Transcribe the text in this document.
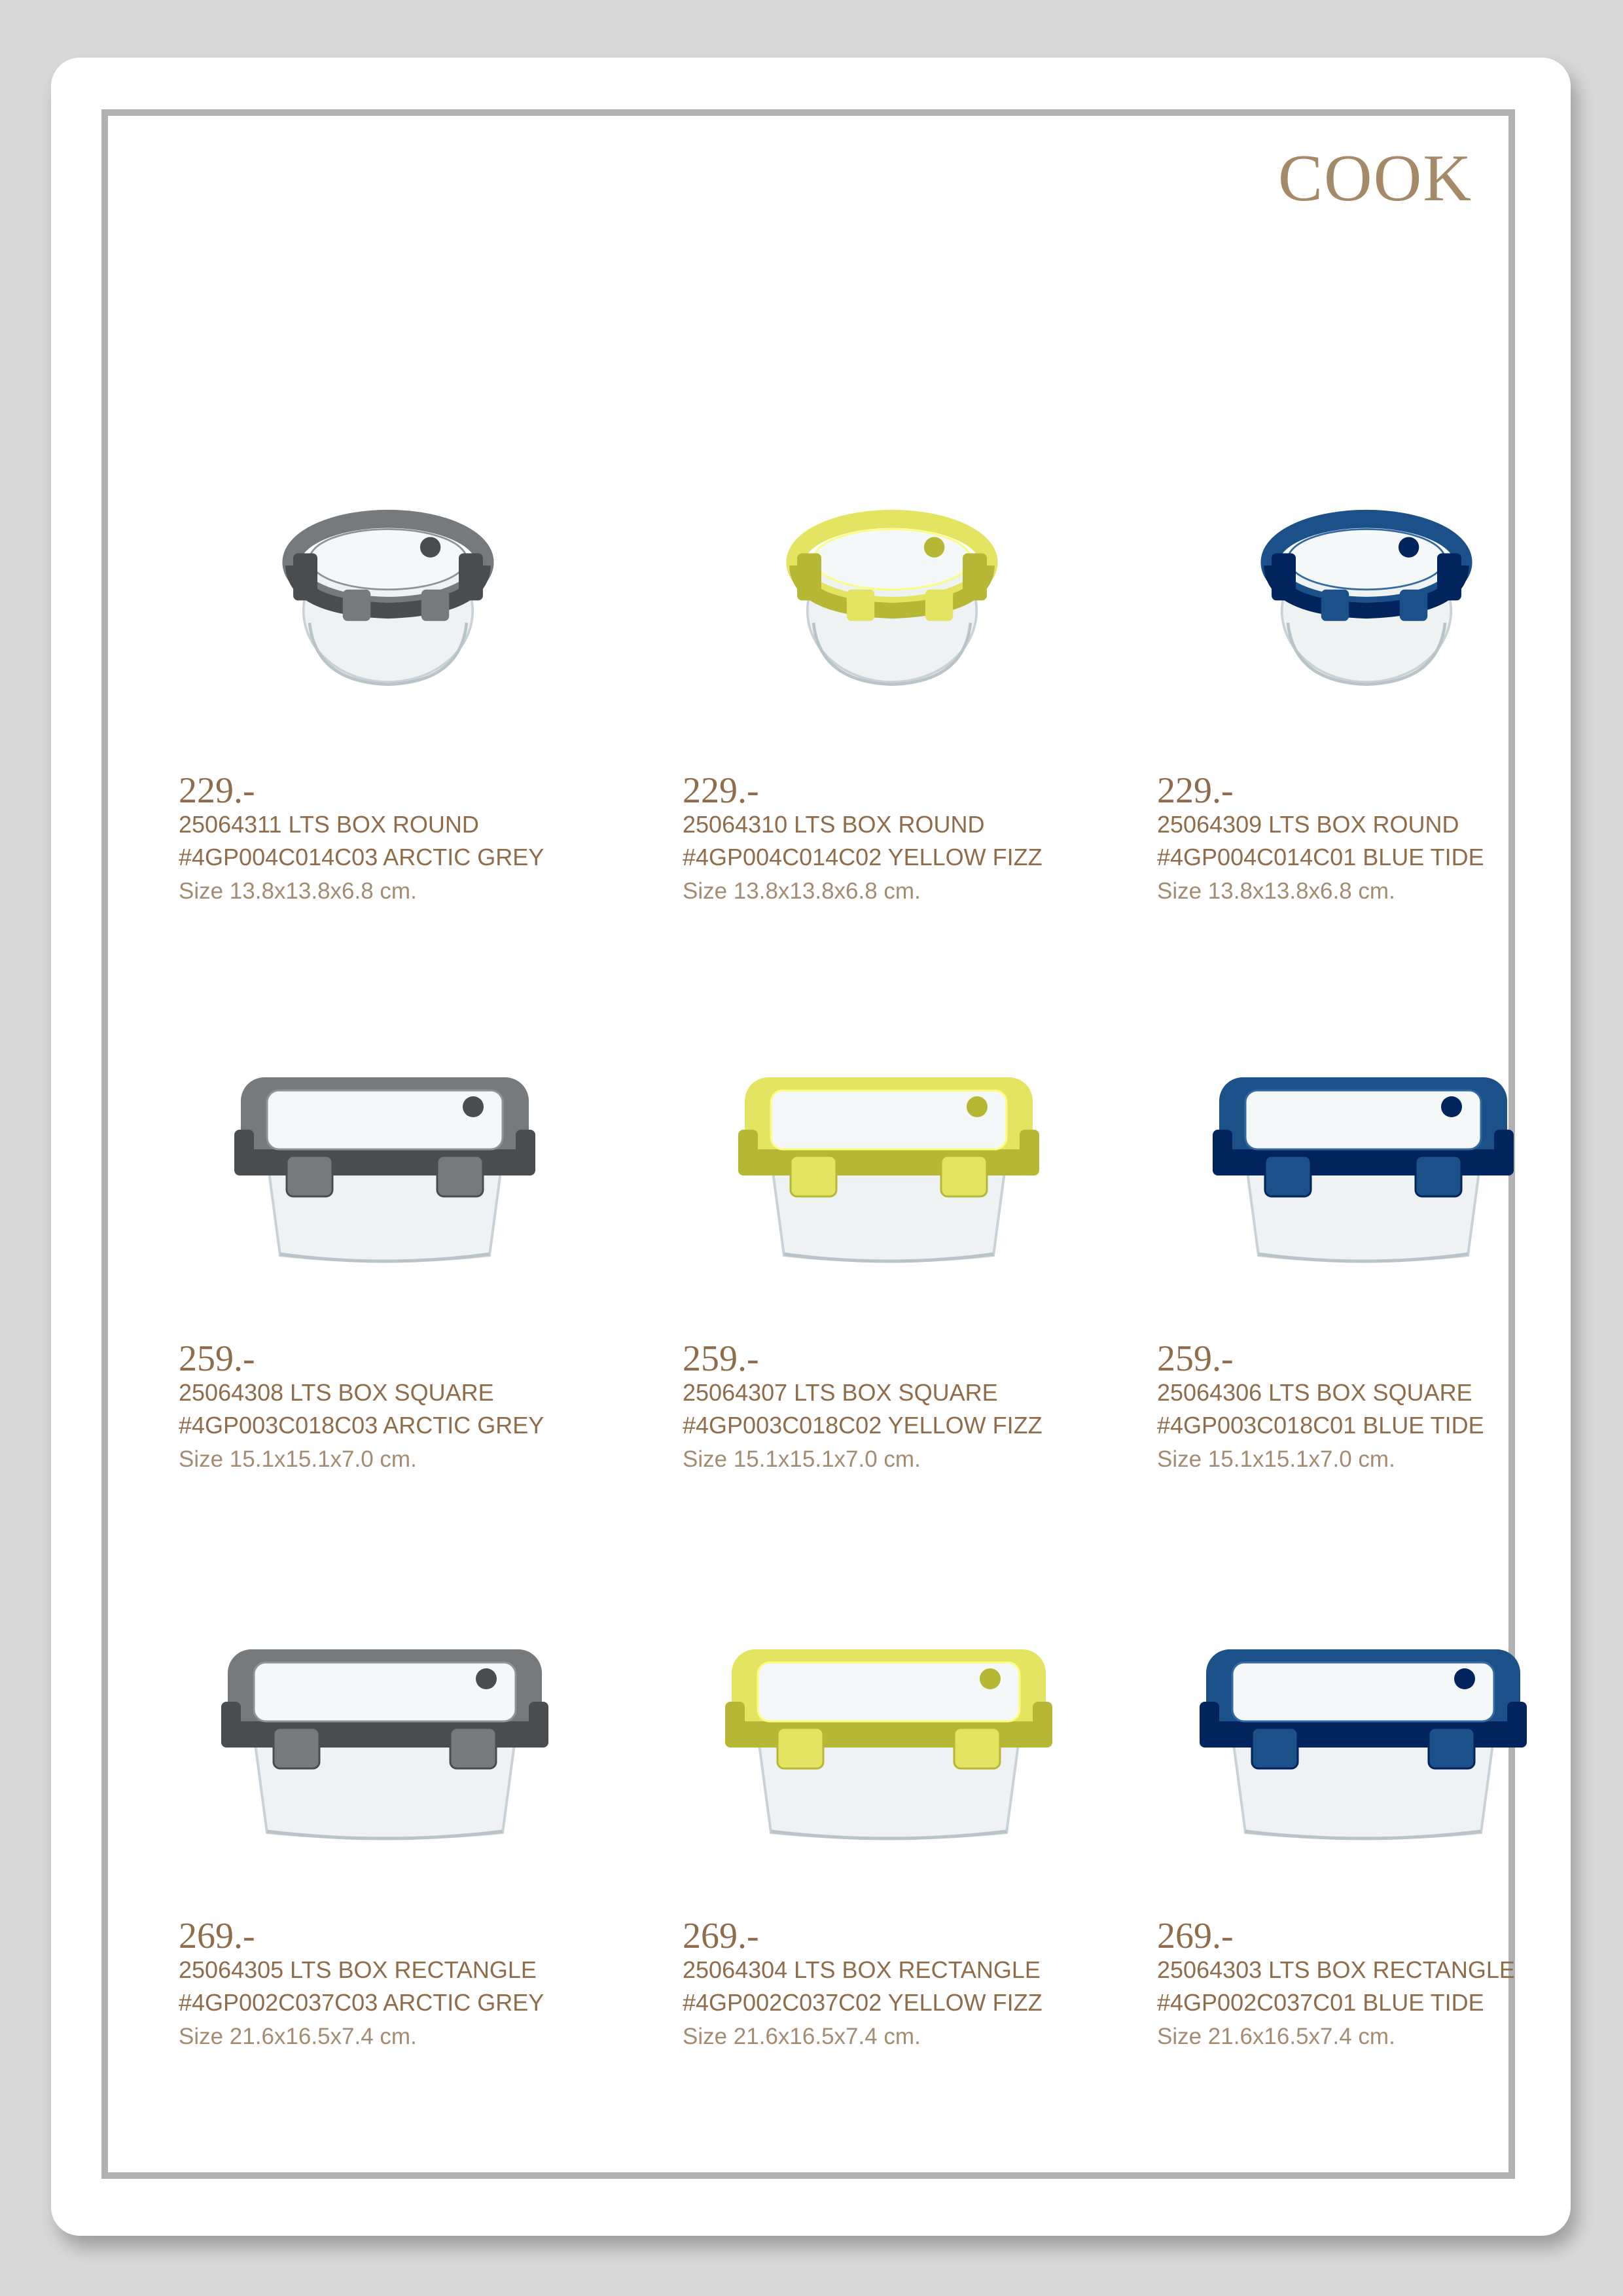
COOK
229.-
25064311 LTS BOX ROUND
#4GP004C014C03 ARCTIC GREY
Size 13.8x13.8x6.8 cm.
229.-
25064310 LTS BOX ROUND
#4GP004C014C02 YELLOW FIZZ
Size 13.8x13.8x6.8 cm.
229.-
25064309 LTS BOX ROUND
#4GP004C014C01 BLUE TIDE
Size 13.8x13.8x6.8 cm.
259.-
25064308 LTS BOX SQUARE
#4GP003C018C03 ARCTIC GREY
Size 15.1x15.1x7.0 cm.
259.-
25064307 LTS BOX SQUARE
#4GP003C018C02 YELLOW FIZZ
Size 15.1x15.1x7.0 cm.
259.-
25064306 LTS BOX SQUARE
#4GP003C018C01 BLUE TIDE
Size 15.1x15.1x7.0 cm.
269.-
25064305 LTS BOX RECTANGLE
#4GP002C037C03 ARCTIC GREY
Size 21.6x16.5x7.4 cm.
269.-
25064304 LTS BOX RECTANGLE
#4GP002C037C02 YELLOW FIZZ
Size 21.6x16.5x7.4 cm.
269.-
25064303 LTS BOX RECTANGLE
#4GP002C037C01 BLUE TIDE
Size 21.6x16.5x7.4 cm.
